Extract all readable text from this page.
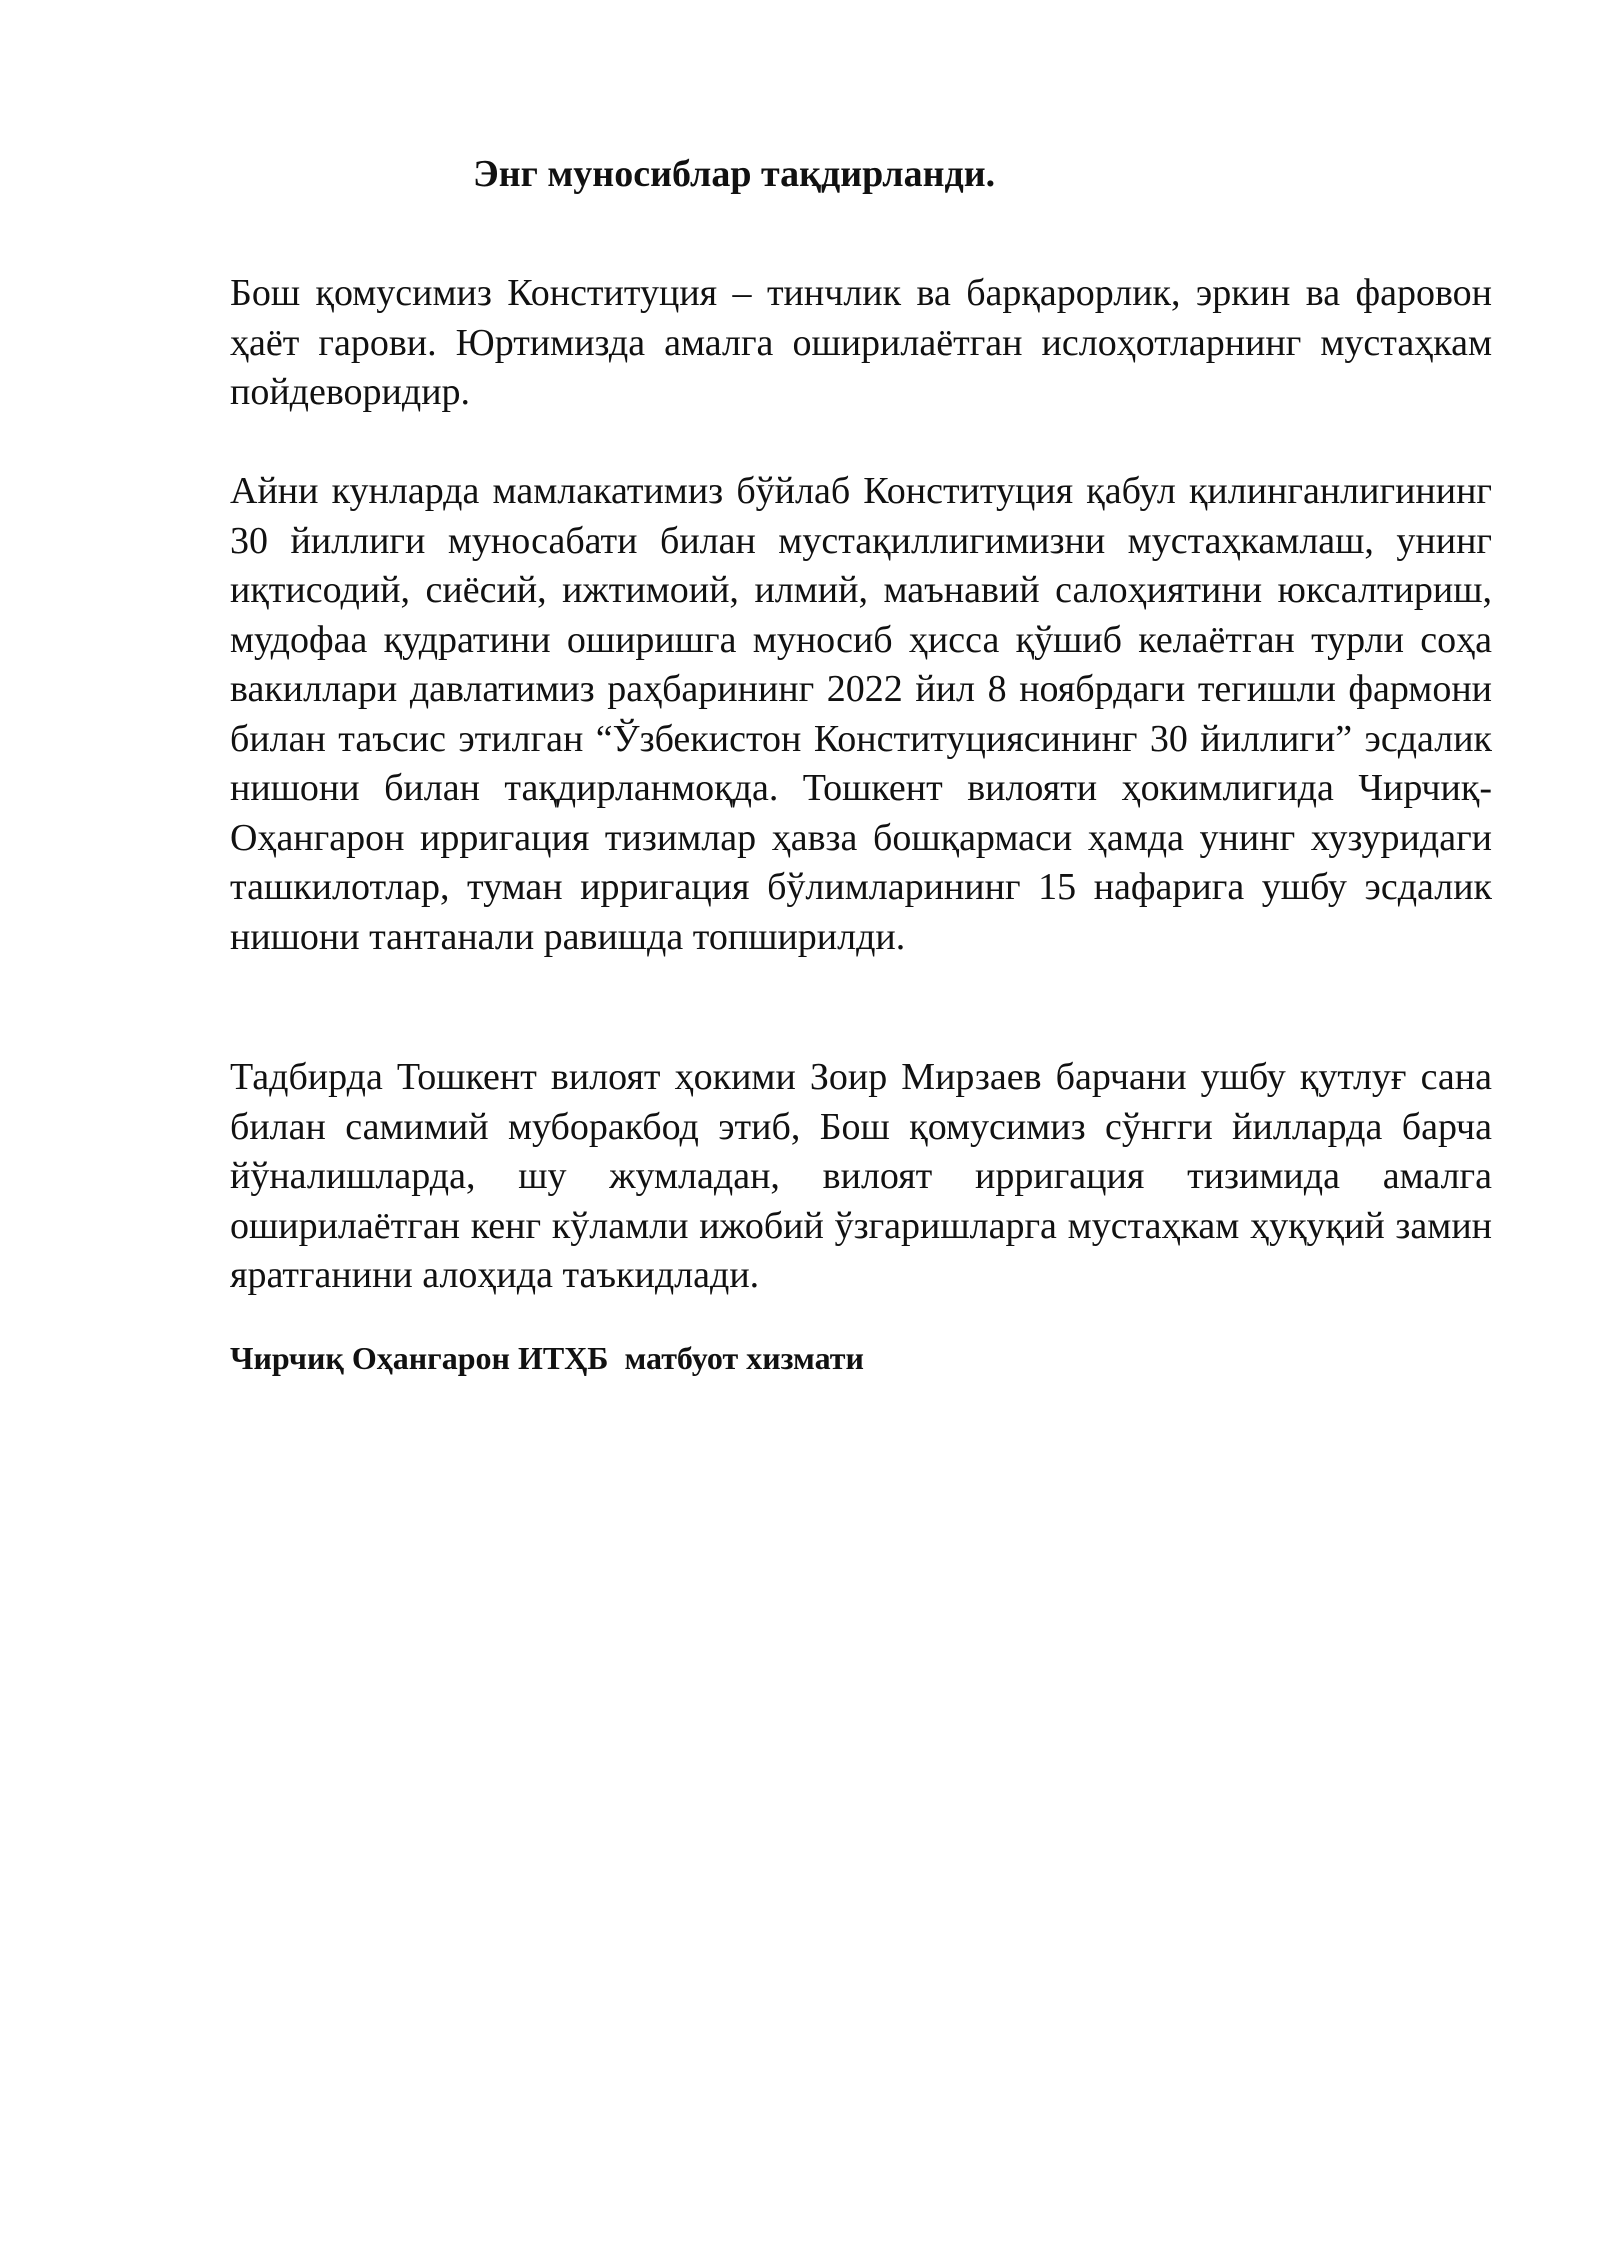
Энг муносиблар тақдирланди.

Бош қомусимиз Конституция – тинчлик ва барқарорлик, эркин ва фаровон ҳаёт гарови. Юртимизда амалга оширилаётган ислоҳотларнинг мустаҳкам пойдеворидир.

Айни кунларда мамлакатимиз бўйлаб Конституция қабул қилинганлигининг 30 йиллиги муносабати билан мустақиллигимизни мустаҳкамлаш, унинг иқтисодий, сиёсий, ижтимоий, илмий, маънавий салоҳиятини юксалтириш, мудофаа қудратини оширишга муносиб ҳисса қўшиб келаётган турли соҳа вакиллари давлатимиз раҳбарининг 2022 йил 8 ноябрдаги тегишли фармони билан таъсис этилган “Ўзбекистон Конституциясининг 30 йиллиги” эсдалик нишони билан тақдирланмоқда. Тошкент вилояти ҳокимлигида Чирчиқ-Оҳангарон ирригация тизимлар ҳавза бошқармаси ҳамда унинг хузуридаги ташкилотлар, туман ирригация бўлимларининг 15 нафарига ушбу эсдалик нишони тантанали равишда топширилди.

Тадбирда Тошкент вилоят ҳокими Зоир Мирзаев барчани ушбу қутлуғ сана билан самимий муборакбод этиб, Бош қомусимиз сўнгги йилларда барча йўналишларда, шу жумладан, вилоят ирригация тизимида амалга оширилаётган кенг кўламли ижобий ўзгаришларга мустаҳкам ҳуқуқий замин яратганини алоҳида таъкидлади.

Чирчиқ Оҳангарон ИТҲБ  матбуот хизмати
